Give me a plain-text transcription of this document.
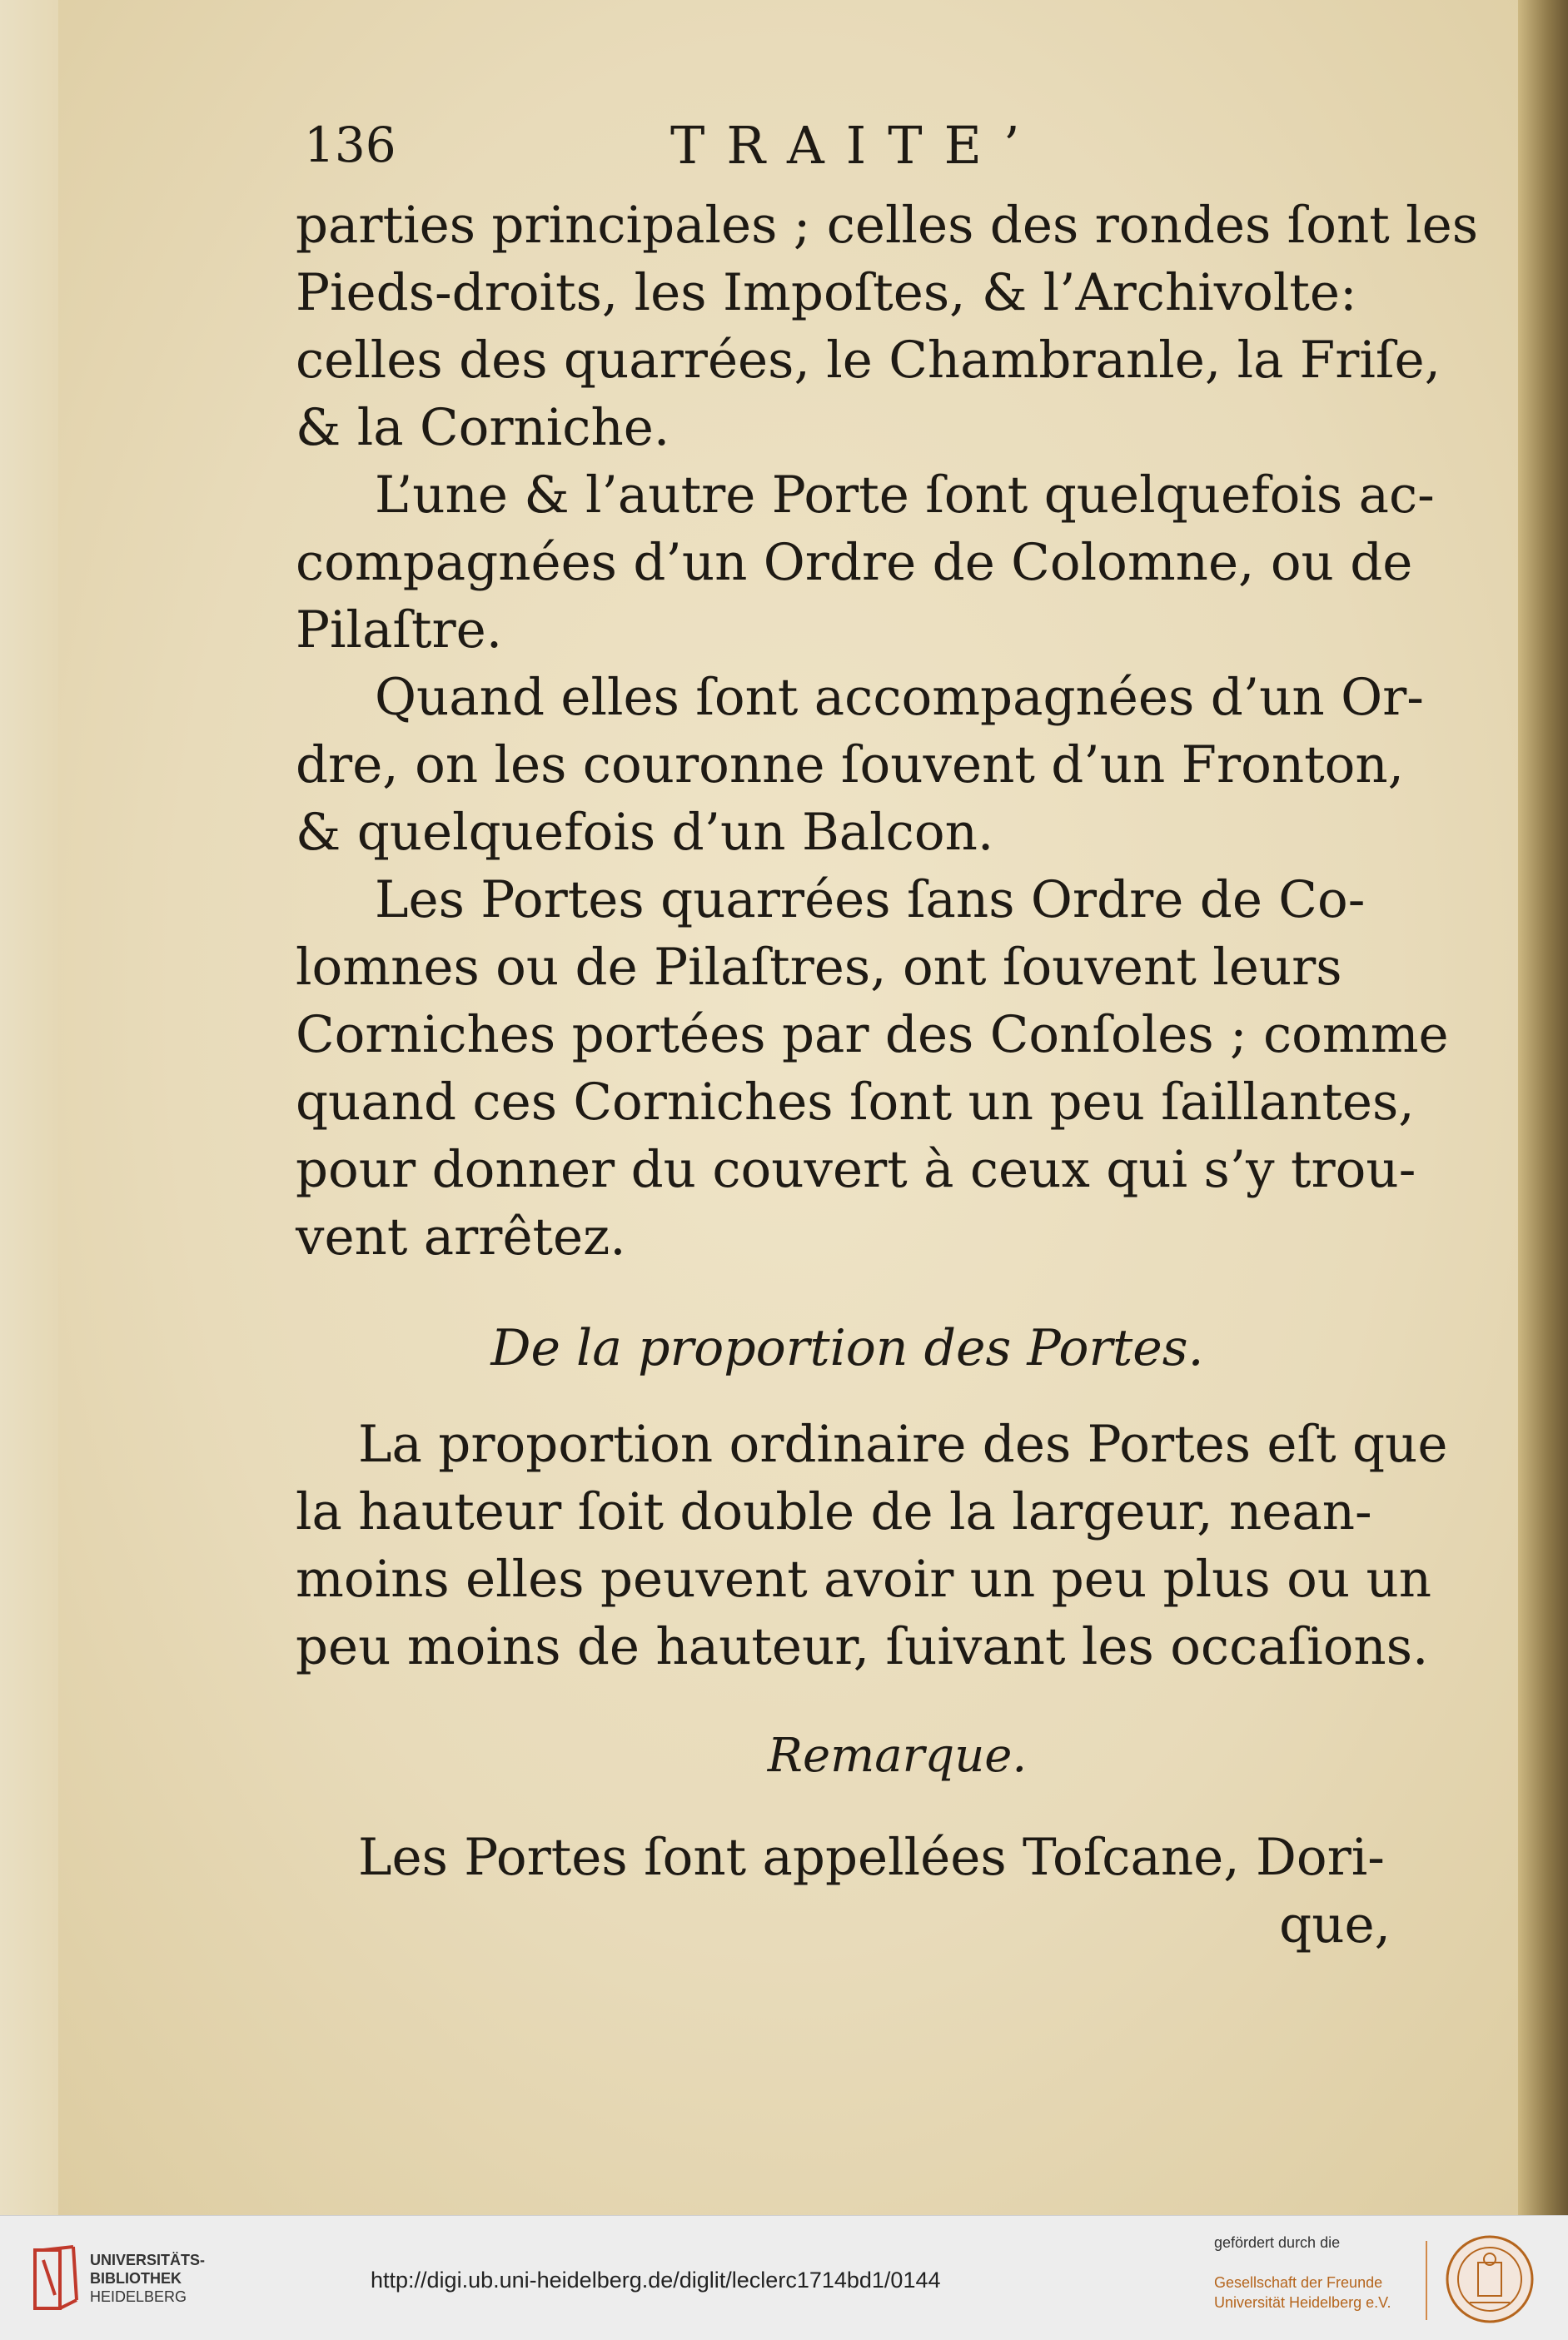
136	TRAITE’

parties principales ; celles des rondes ſont les
Pieds-droits, les Impoſtes, & l’Archivolte:
celles des quarrées, le Chambranle, la Friſe,
& la Corniche.

L’une & l’autre Porte ſont quelquefois ac-
compagnées d’un Ordre de Colomne, ou de
Pilaſtre.

Quand elles ſont accompagnées d’un Or-
dre, on les couronne ſouvent d’un Fronton,
& quelquefois d’un Balcon.

Les Portes quarrées ſans Ordre de Co-
lomnes ou de Pilaſtres, ont ſouvent leurs
Corniches portées par des Conſoles ; comme
quand ces Corniches ſont un peu ſaillantes,
pour donner du couvert à ceux qui s’y trou-
vent arrêtez.

De la proportion des Portes.

La proportion ordinaire des Portes eſt que
la hauteur ſoit double de la largeur, nean-
moins elles peuvent avoir un peu plus ou un
peu moins de hauteur, ſuivant les occaſions.

Remarque.

Les Portes ſont appellées Toſcane, Dori-

que,
UNIVERSITÄTS-
BIBLIOTHEK
HEIDELBERG
http://digi.ub.uni-heidelberg.de/diglit/leclerc1714bd1/0144
gefördert durch die
Gesellschaft der Freunde
Universität Heidelberg e.V.
